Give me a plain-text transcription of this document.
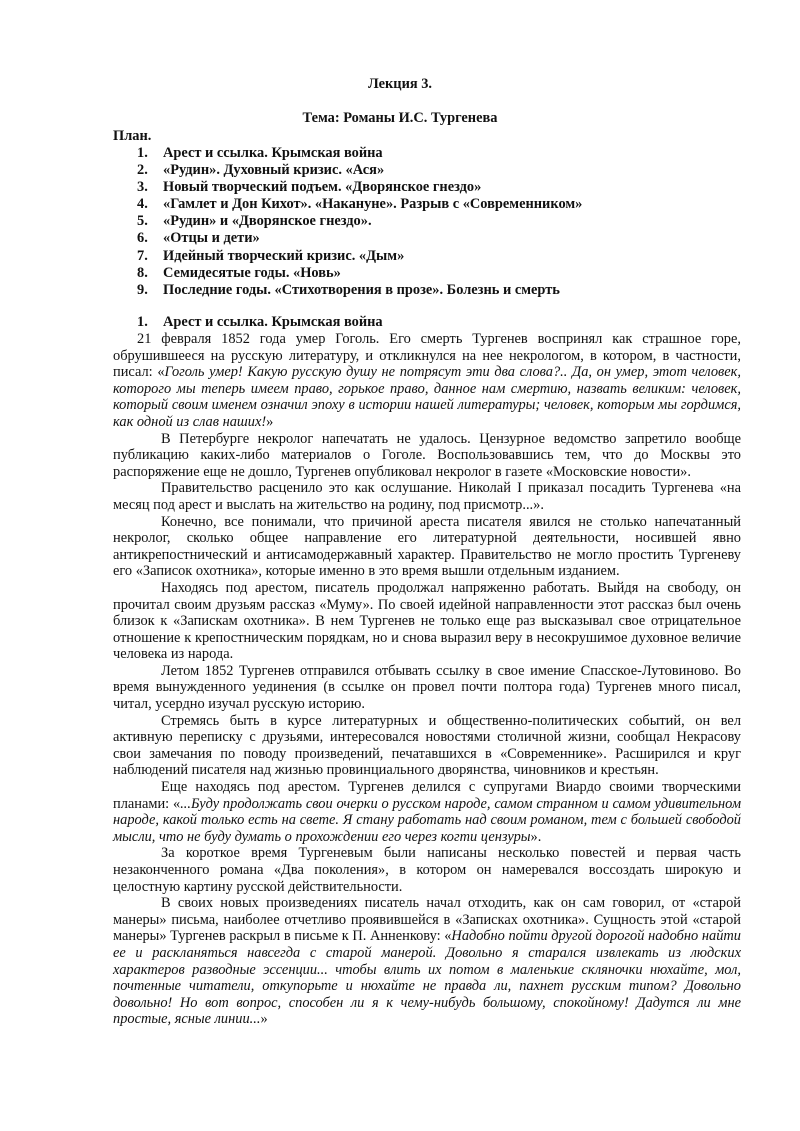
Лекция 3.
Тема: Романы И.С. Тургенева
План.
1. Арест и ссылка. Крымская война
2. «Рудин». Духовный кризис. «Ася»
3. Новый творческий подъем. «Дворянское гнездо»
4. «Гамлет и Дон Кихот». «Накануне». Разрыв с «Современником»
5. «Рудин» и «Дворянское гнездо».
6. «Отцы и дети»
7. Идейный творческий кризис. «Дым»
8. Семидесятые годы. «Новь»
9. Последние годы. «Стихотворения в прозе». Болезнь и смерть
1. Арест и ссылка. Крымская война

21 февраля 1852 года умер Гоголь. Его смерть Тургенев воспринял как страшное горе, обрушившееся на русскую литературу, и откликнулся на нее некрологом, в котором, в частности, писал: «Гоголь умер! Какую русскую душу не потрясут эти два слова?.. Да, он умер, этот человек, которого мы теперь имеем право, горькое право, данное нам смертию, назвать великим: человек, который своим именем означил эпоху в истории нашей литературы; человек, которым мы гордимся, как одной из слав наших!»

В Петербурге некролог напечатать не удалось. Цензурное ведомство запретило вообще публикацию каких-либо материалов о Гоголе. Воспользовавшись тем, что до Москвы это распоряжение еще не дошло, Тургенев опубликовал некролог в газете «Московские новости».

Правительство расценило это как ослушание. Николай I приказал посадить Тургенева «на месяц под арест и выслать на жительство на родину, под присмотр...».

Конечно, все понимали, что причиной ареста писателя явился не столько напечатанный некролог, сколько общее направление его литературной деятельности, носившей явно антикрепостнический и антисамодержавный характер. Правительство не могло простить Тургеневу его «Записок охотника», которые именно в это время вышли отдельным изданием.

Находясь под арестом, писатель продолжал напряженно работать. Выйдя на свободу, он прочитал своим друзьям рассказ «Муму». По своей идейной направленности этот рассказ был очень близок к «Запискам охотника». В нем Тургенев не только еще раз высказывал свое отрицательное отношение к крепостническим порядкам, но и снова выразил веру в несокрушимое духовное величие человека из народа.

Летом 1852 Тургенев отправился отбывать ссылку в свое имение Спасское-Лутовиново. Во время вынужденного уединения (в ссылке он провел почти полтора года) Тургенев много писал, читал, усердно изучал русскую историю.

Стремясь быть в курсе литературных и общественно-политических событий, он вел активную переписку с друзьями, интересовался новостями столичной жизни, сообщал Некрасову свои замечания по поводу произведений, печатавшихся в «Современнике». Расширился и круг наблюдений писателя над жизнью провинциального дворянства, чиновников и крестьян.

Еще находясь под арестом. Тургенев делился с супругами Виардо своими творческими планами: «...Буду продолжать свои очерки о русском народе, самом странном и самом удивительном народе, какой только есть на свете. Я стану работать над своим романом, тем с большей свободой мысли, что не буду думать о прохождении его через когти цензуры».

За короткое время Тургеневым были написаны несколько повестей и первая часть незаконченного романа «Два поколения», в котором он намеревался воссоздать широкую и целостную картину русской действительности.

В своих новых произведениях писатель начал отходить, как он сам говорил, от «старой манеры» письма, наиболее отчетливо проявившейся в «Записках охотника». Сущность этой «старой манеры» Тургенев раскрыл в письме к П. Анненкову: «Надобно пойти другой дорогой надобно найти ее и раскланяться навсегда с старой манерой. Довольно я старался извлекать из людских характеров разводные эссенции... чтобы влить их потом в маленькие скляночки нюхайте, мол, почтенные читатели, откупорьте и нюхайте не правда ли, пахнет русским типом? Довольно довольно! Но вот вопрос, способен ли я к чему-нибудь большому, спокойному! Дадутся ли мне простые, ясные линии...»
